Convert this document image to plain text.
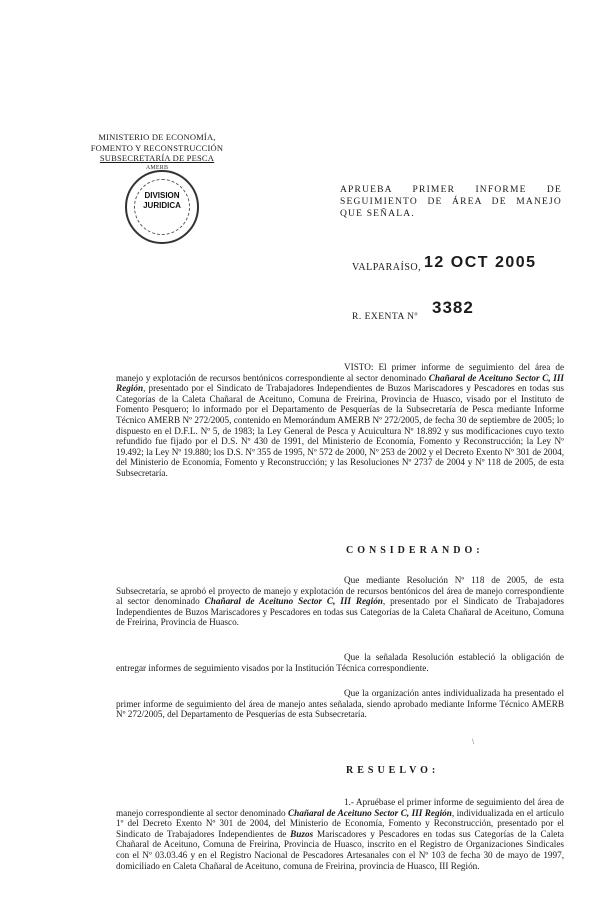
MINISTERIO DE ECONOMÍA,
FOMENTO Y RECONSTRUCCIÓN
SUBSECRETARÍA DE PESCA
AMERB
DIVISION
JURIDICA
APRUEBA PRIMER INFORME DE SEGUIMIENTO DE ÁREA DE MANEJO QUE SEÑALA.
VALPARAÍSO, 12 OCT 2005
R. EXENTA Nº 3382
VISTO: El primer informe de seguimiento del área de manejo y explotación de recursos bentónicos correspondiente al sector denominado Chañaral de Aceituno Sector C, III Región, presentado por el Sindicato de Trabajadores Independientes de Buzos Mariscadores y Pescadores en todas sus Categorías de la Caleta Chañaral de Aceituno, Comuna de Freirina, Provincia de Huasco, visado por el Instituto de Fomento Pesquero; lo informado por el Departamento de Pesquerías de la Subsecretaría de Pesca mediante Informe Técnico AMERB Nº 272/2005, contenido en Memorándum AMERB Nº 272/2005, de fecha 30 de septiembre de 2005; lo dispuesto en el D.F.L. Nº 5, de 1983; la Ley General de Pesca y Acuicultura Nº 18.892 y sus modificaciones cuyo texto refundido fue fijado por el D.S. Nº 430 de 1991, del Ministerio de Economía, Fomento y Reconstrucción; la Ley Nº 19.492; la Ley Nº 19.880; los D.S. Nº 355 de 1995, Nº 572 de 2000, Nº 253 de 2002 y el Decreto Exento Nº 301 de 2004, del Ministerio de Economía, Fomento y Reconstrucción; y las Resoluciones Nº 2737 de 2004 y Nº 118 de 2005, de esta Subsecretaría.
CONSIDERANDO:
Que mediante Resolución Nº 118 de 2005, de esta Subsecretaría, se aprobó el proyecto de manejo y explotación de recursos bentónicos del área de manejo correspondiente al sector denominado Chañaral de Aceituno Sector C, III Región, presentado por el Sindicato de Trabajadores Independientes de Buzos Mariscadores y Pescadores en todas sus Categorías de la Caleta Chañaral de Aceituno, Comuna de Freirina, Provincia de Huasco.
Que la señalada Resolución estableció la obligación de entregar informes de seguimiento visados por la Institución Técnica correspondiente.
Que la organización antes individualizada ha presentado el primer informe de seguimiento del área de manejo antes señalada, siendo aprobado mediante Informe Técnico AMERB Nº 272/2005, del Departamento de Pesquerías de esta Subsecretaría.
\
RESUELVO:
1.- Apruébase el primer informe de seguimiento del área de manejo correspondiente al sector denominado Chañaral de Aceituno Sector C, III Región, individualizada en el artículo 1º del Decreto Exento Nº 301 de 2004, del Ministerio de Economía, Fomento y Reconstrucción, presentado por el Sindicato de Trabajadores Independientes de Buzos Mariscadores y Pescadores en todas sus Categorías de la Caleta Chañaral de Aceituno, Comuna de Freirina, Provincia de Huasco, inscrito en el Registro de Organizaciones Sindicales con el Nº 03.03.46 y en el Registro Nacional de Pescadores Artesanales con el Nº 103 de fecha 30 de mayo de 1997, domiciliado en Caleta Chañaral de Aceituno, comuna de Freirina, provincia de Huasco, III Región.
